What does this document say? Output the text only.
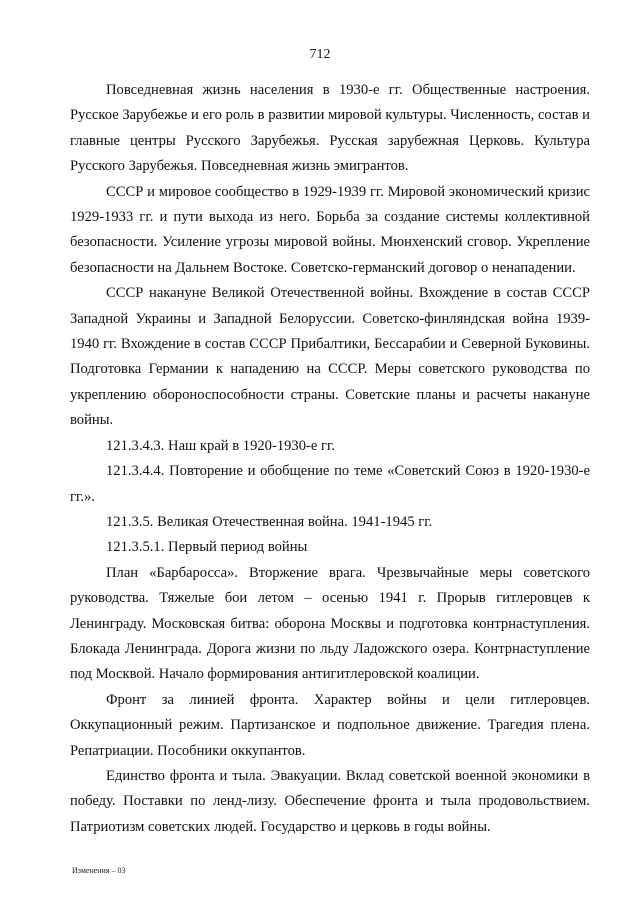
712

Повседневная жизнь населения в 1930-е гг. Общественные настроения. Русское Зарубежье и его роль в развитии мировой культуры. Численность, состав и главные центры Русского Зарубежья. Русская зарубежная Церковь. Культура Русского Зарубежья. Повседневная жизнь эмигрантов.

СССР и мировое сообщество в 1929-1939 гг. Мировой экономический кризис 1929-1933 гг. и пути выхода из него. Борьба за создание системы коллективной безопасности. Усиление угрозы мировой войны. Мюнхенский сговор. Укрепление безопасности на Дальнем Востоке. Советско-германский договор о ненападении.

СССР накануне Великой Отечественной войны. Вхождение в состав СССР Западной Украины и Западной Белоруссии. Советско-финляндская война 1939-1940 гг. Вхождение в состав СССР Прибалтики, Бессарабии и Северной Буковины. Подготовка Германии к нападению на СССР. Меры советского руководства по укреплению обороноспособности страны. Советские планы и расчеты накануне войны.

121.3.4.3. Наш край в 1920-1930-е гг.

121.3.4.4. Повторение и обобщение по теме «Советский Союз в 1920-1930-е гг.».

121.3.5. Великая Отечественная война. 1941-1945 гг.

121.3.5.1. Первый период войны

План «Барбаросса». Вторжение врага. Чрезвычайные меры советского руководства. Тяжелые бои летом – осенью 1941 г. Прорыв гитлеровцев к Ленинграду. Московская битва: оборона Москвы и подготовка контрнаступления. Блокада Ленинграда. Дорога жизни по льду Ладожского озера. Контрнаступление под Москвой. Начало формирования антигитлеровской коалиции.

Фронт за линией фронта. Характер войны и цели гитлеровцев. Оккупационный режим. Партизанское и подпольное движение. Трагедия плена. Репатриации. Пособники оккупантов.

Единство фронта и тыла. Эвакуации. Вклад советской военной экономики в победу. Поставки по ленд-лизу. Обеспечение фронта и тыла продовольствием. Патриотизм советских людей. Государство и церковь в годы войны.

Изменения – 03
